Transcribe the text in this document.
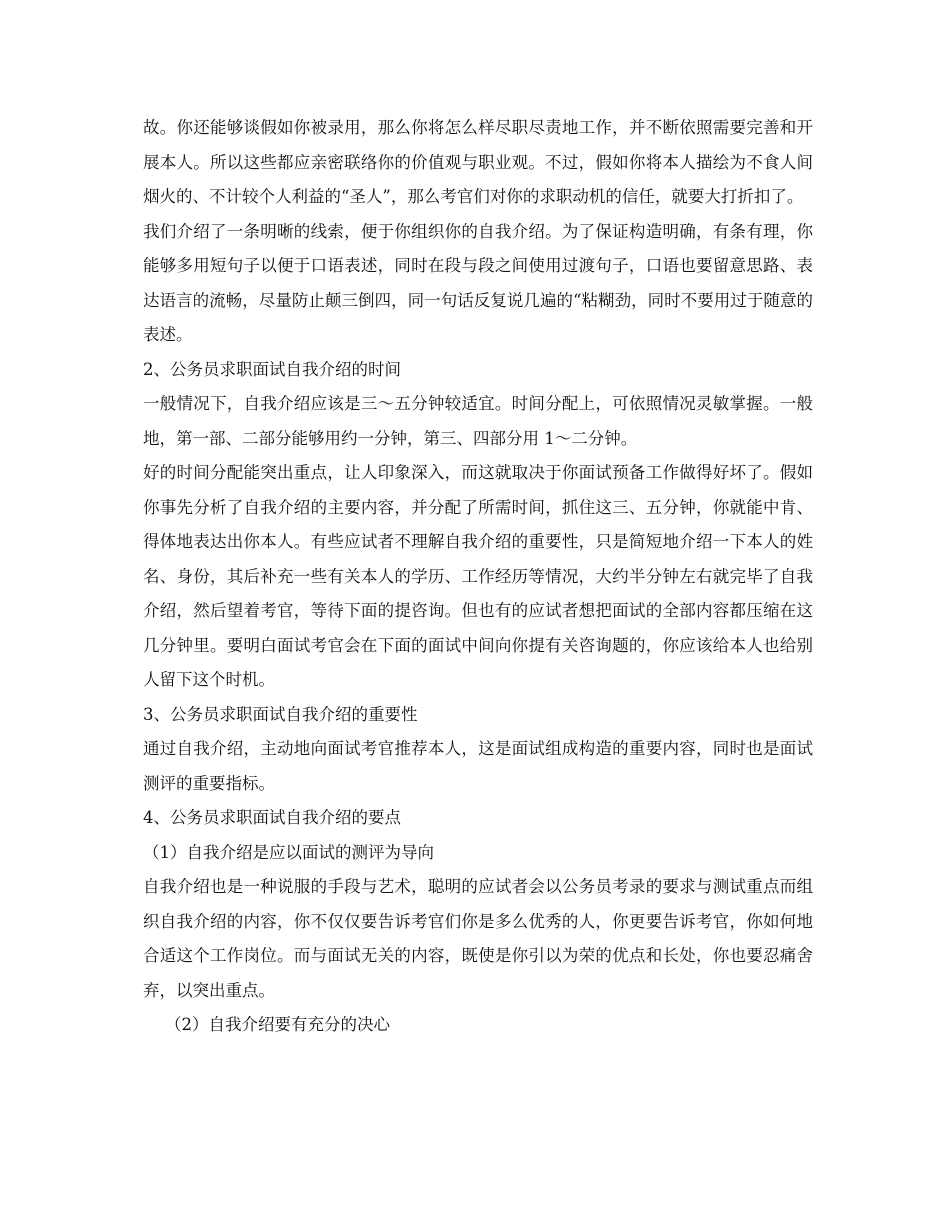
故。你还能够谈假如你被录用，那么你将怎么样尽职尽责地工作，并不断依照需要完善和开展本人。所以这些都应亲密联络你的价值观与职业观。不过，假如你将本人描绘为不食人间烟火的、不计较个人利益的“圣人”，那么考官们对你的求职动机的信任，就要大打折扣了。

我们介绍了一条明晰的线索，便于你组织你的自我介绍。为了保证构造明确，有条有理，你能够多用短句子以便于口语表述，同时在段与段之间使用过渡句子，口语也要留意思路、表达语言的流畅，尽量防止颠三倒四，同一句话反复说几遍的“粘糊劲，同时不要用过于随意的表述。

2、公务员求职面试自我介绍的时间

一般情况下，自我介绍应该是三～五分钟较适宜。时间分配上，可依照情况灵敏掌握。一般地，第一部、二部分能够用约一分钟，第三、四部分用 1～二分钟。

好的时间分配能突出重点，让人印象深入，而这就取决于你面试预备工作做得好坏了。假如你事先分析了自我介绍的主要内容，并分配了所需时间，抓住这三、五分钟，你就能中肯、得体地表达出你本人。有些应试者不理解自我介绍的重要性，只是简短地介绍一下本人的姓名、身份，其后补充一些有关本人的学历、工作经历等情况，大约半分钟左右就完毕了自我介绍，然后望着考官，等待下面的提咨询。但也有的应试者想把面试的全部内容都压缩在这几分钟里。要明白面试考官会在下面的面试中间向你提有关咨询题的，你应该给本人也给别人留下这个时机。

3、公务员求职面试自我介绍的重要性

通过自我介绍，主动地向面试考官推荐本人，这是面试组成构造的重要内容，同时也是面试测评的重要指标。

4、公务员求职面试自我介绍的要点

（1）自我介绍是应以面试的测评为导向

自我介绍也是一种说服的手段与艺术，聪明的应试者会以公务员考录的要求与测试重点而组织自我介绍的内容，你不仅仅要告诉考官们你是多么优秀的人，你更要告诉考官，你如何地合适这个工作岗位。而与面试无关的内容，既使是你引以为荣的优点和长处，你也要忍痛舍弃，以突出重点。

（2）自我介绍要有充分的决心
